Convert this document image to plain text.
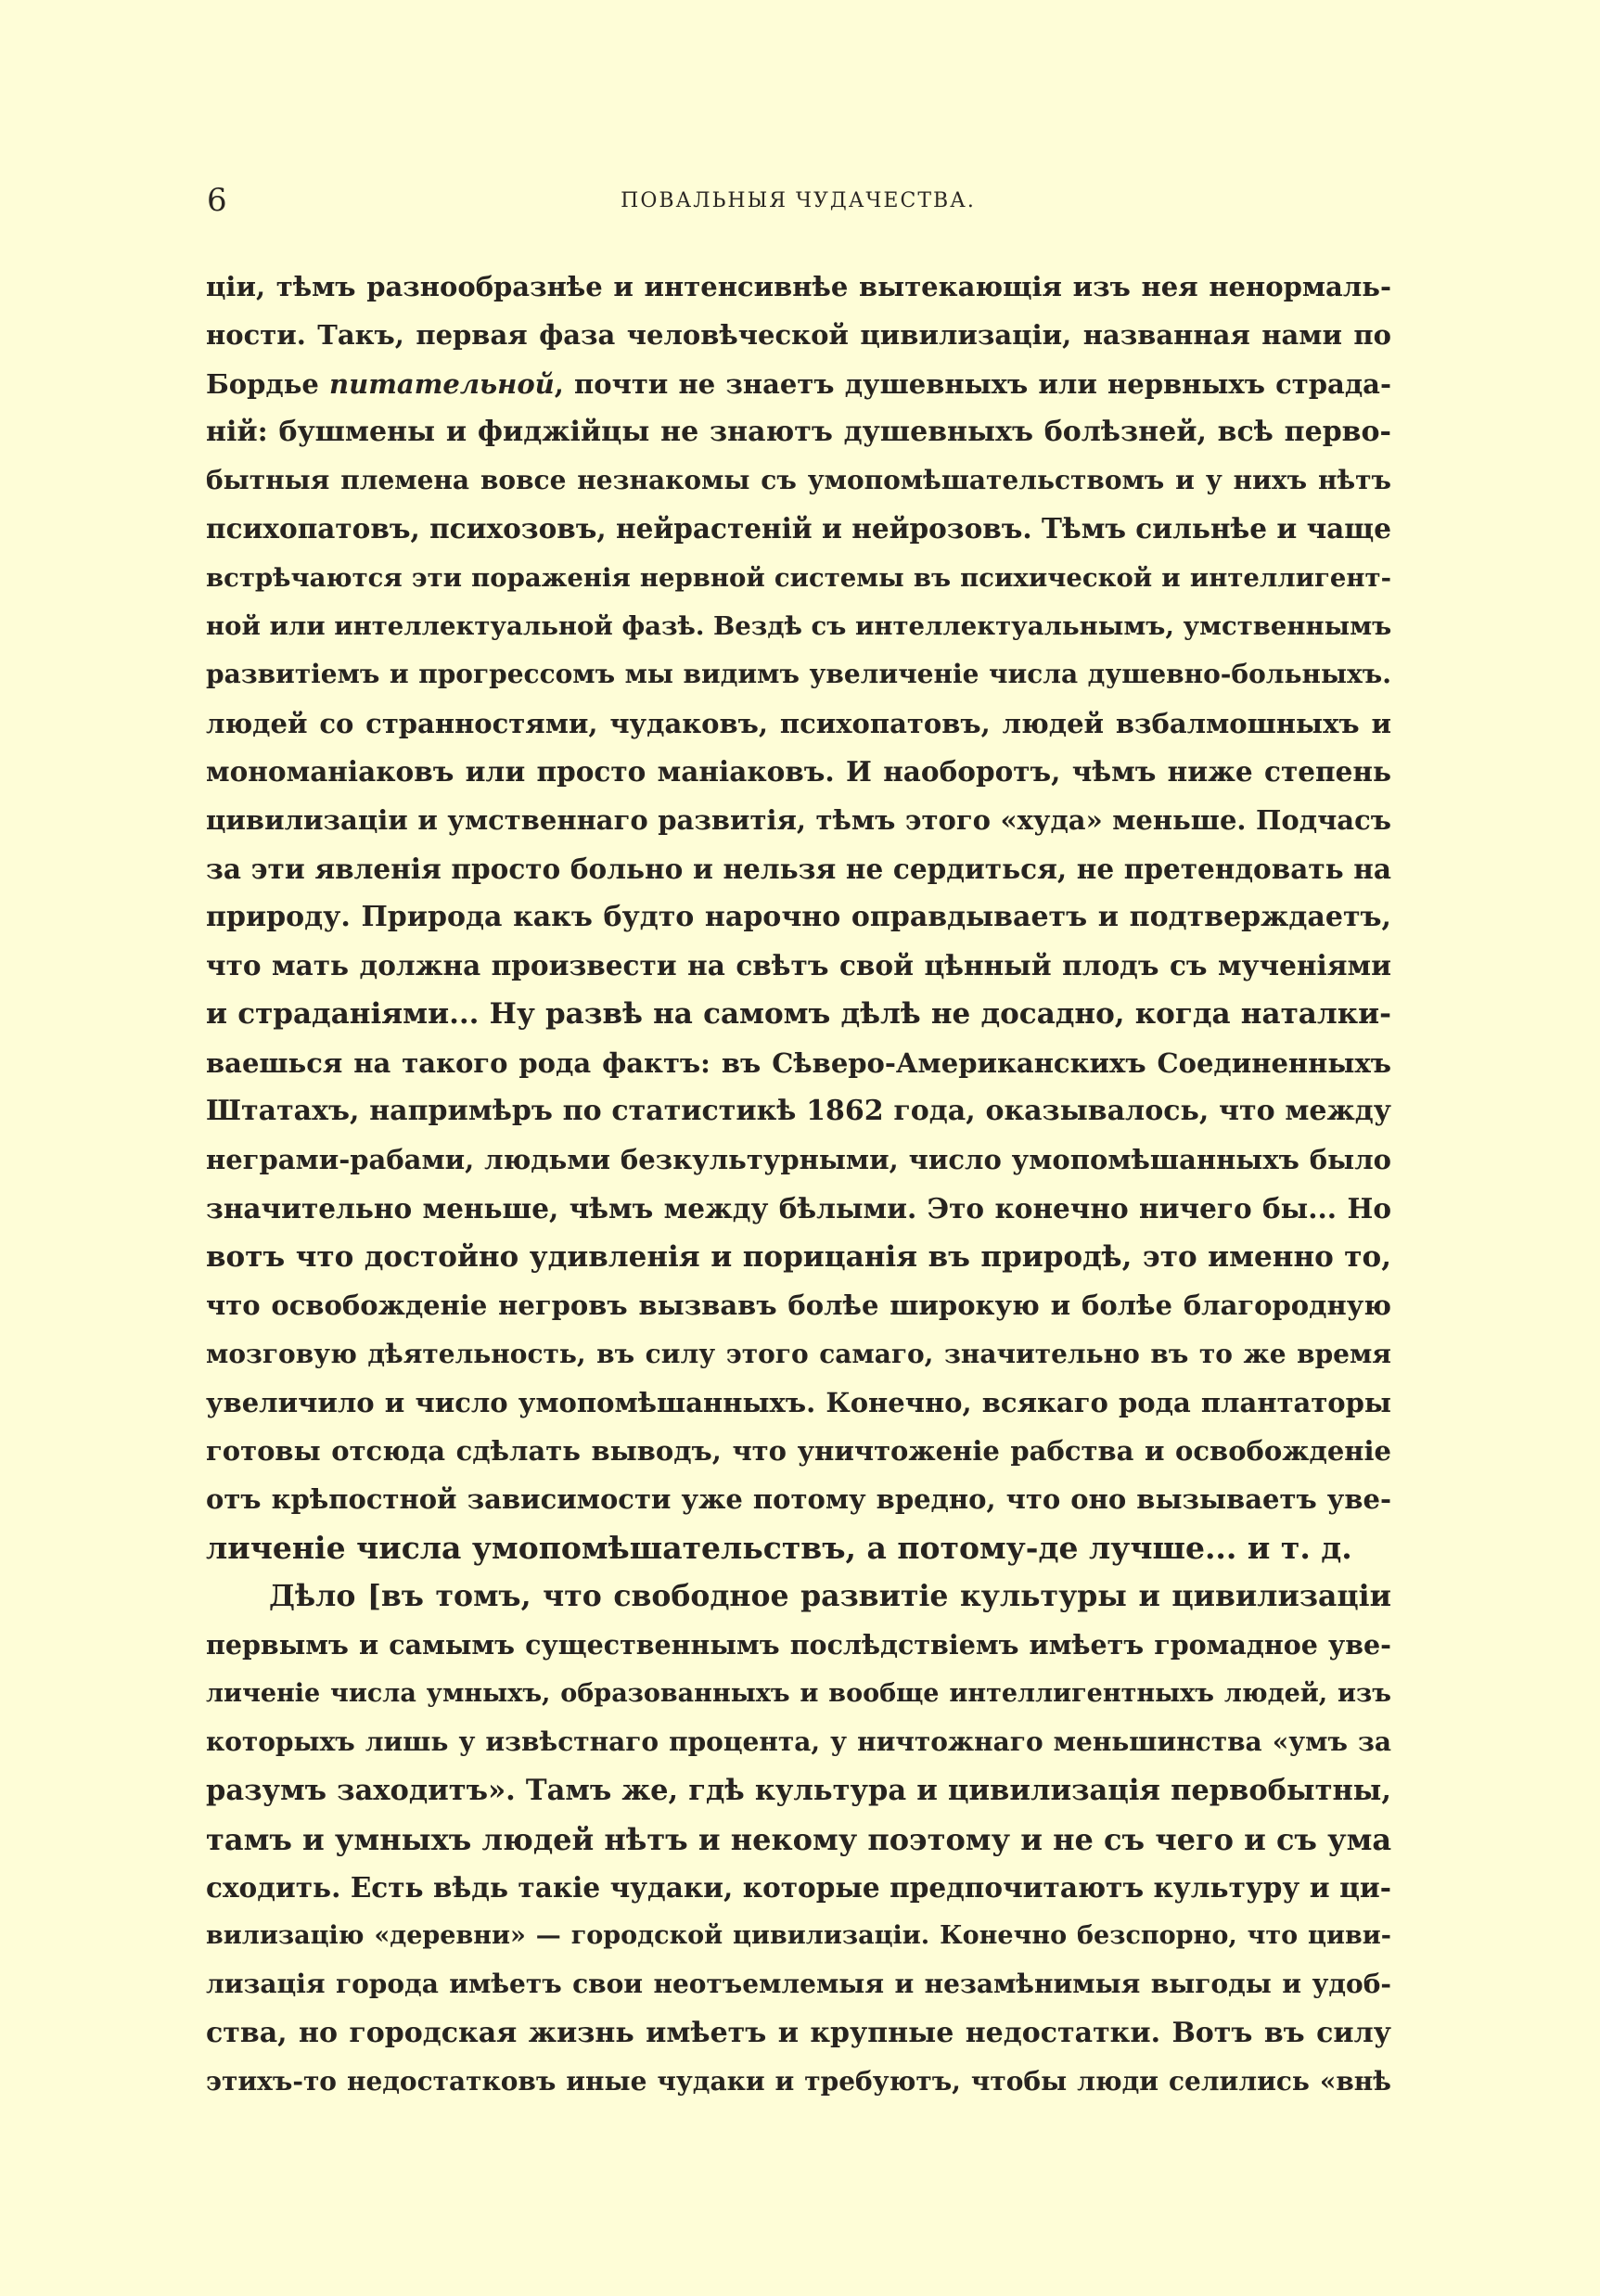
6	ПОВАЛЬНЫЯ ЧУДАЧЕСТВА.
ціи, тѣмъ разнообразнѣе и интенсивнѣе вытекающія изъ нея ненормаль-
ности. Такъ, первая фаза человѣческой цивилизаціи, названная нами по
Бордье питательной, почти не знаетъ душевныхъ или нервныхъ страда-
ній: бушмены и фиджійцы не знаютъ душевныхъ болѣзней, всѣ перво-
бытныя племена вовсе незнакомы съ умопомѣшательствомъ и у нихъ нѣтъ
психопатовъ, психозовъ, нейрастеній и нейрозовъ. Тѣмъ сильнѣе и чаще
встрѣчаются эти пораженія нервной системы въ психической и интеллигент-
ной или интеллектуальной фазѣ. Вездѣ съ интеллектуальнымъ, умственнымъ
развитіемъ и прогрессомъ мы видимъ увеличеніе числа душевно-больныхъ.
людей со странностями, чудаковъ, психопатовъ, людей взбалмошныхъ и
мономаніаковъ или просто маніаковъ. И наоборотъ, чѣмъ ниже степень
цивилизаціи и умственнаго развитія, тѣмъ этого «худа» меньше. Подчасъ
за эти явленія просто больно и нельзя не сердиться, не претендовать на
природу. Природа какъ будто нарочно оправдываетъ и подтверждаетъ,
что мать должна произвести на свѣтъ свой цѣнный плодъ съ мученіями
и страданіями... Ну развѣ на самомъ дѣлѣ не досадно, когда наталки-
ваешься на такого рода фактъ: въ Сѣверо-Американскихъ Соединенныхъ
Штатахъ, напримѣръ по статистикѣ 1862 года, оказывалось, что между
неграми-рабами, людьми безкультурными, число умопомѣшанныхъ было
значительно меньше, чѣмъ между бѣлыми. Это конечно ничего бы... Но
вотъ что достойно удивленія и порицанія въ природѣ, это именно то,
что освобожденіе негровъ вызвавъ болѣе широкую и болѣе благородную
мозговую дѣятельность, въ силу этого самаго, значительно въ то же время
увеличило и число умопомѣшанныхъ. Конечно, всякаго рода плантаторы
готовы отсюда сдѣлать выводъ, что уничтоженіе рабства и освобожденіе
отъ крѣпостной зависимости уже потому вредно, что оно вызываетъ уве-
личеніе числа умопомѣшательствъ, а потому-де лучше... и т. д.
Дѣло [въ томъ, что свободное развитіе культуры и цивилизаціи
первымъ и самымъ существеннымъ послѣдствіемъ имѣетъ громадное уве-
личеніе числа умныхъ, образованныхъ и вообще интеллигентныхъ людей, изъ
которыхъ лишь у извѣстнаго процента, у ничтожнаго меньшинства «умъ за
разумъ заходитъ». Тамъ же, гдѣ культура и цивилизація первобытны,
тамъ и умныхъ людей нѣтъ и некому поэтому и не съ чего и съ ума
сходить. Есть вѣдь такіе чудаки, которые предпочитаютъ культуру и ци-
вилизацію «деревни» — городской цивилизаціи. Конечно безспорно, что циви-
лизація города имѣетъ свои неотъемлемыя и незамѣнимыя выгоды и удоб-
ства, но городская жизнь имѣетъ и крупные недостатки. Вотъ въ силу
этихъ-то недостатковъ иные чудаки и требуютъ, чтобы люди селились «внѣ
